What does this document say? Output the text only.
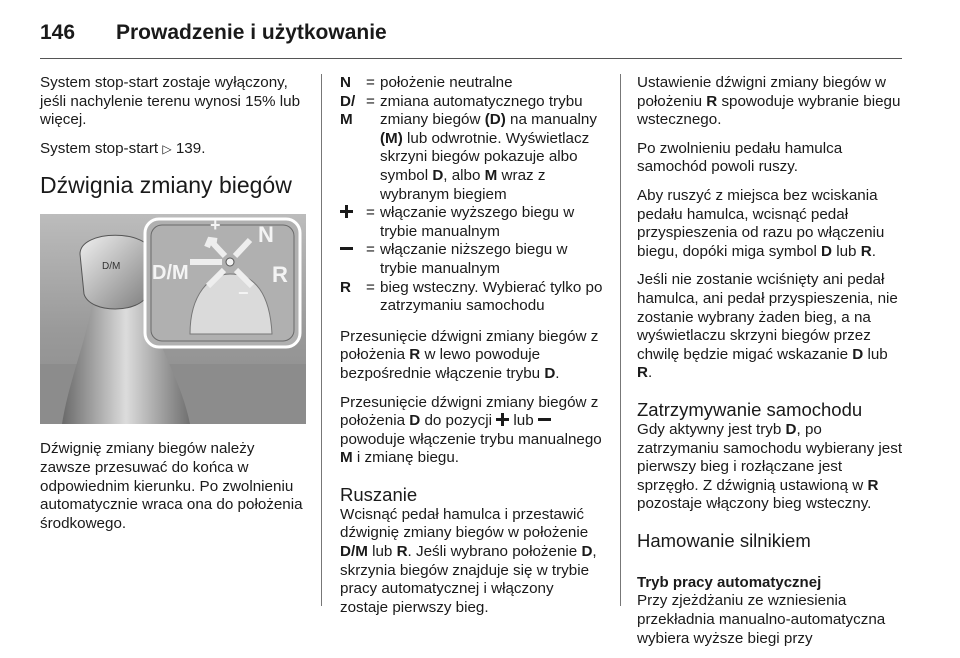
146	Prowadzenie i użytkowanie

System stop-start zostaje wyłączony, jeśli nachylenie terenu wynosi 15% lub więcej.

System stop-start ▷ 139.

Dźwignia zmiany biegów
D/M
+ N
D/M	R
−

Dźwignię zmiany biegów należy zawsze przesuwać do końca w odpowiednim kierunku. Po zwolnieniu automatycznie wraca ona do położenia środkowego.

N = położenie neutralne
D/
M
= zmiana automatycznego trybu zmiany biegów (D) na manualny (M) lub odwrotnie. Wyświetlacz skrzyni biegów pokazuje albo symbol D, albo M wraz z wybranym biegiem
= włączanie wyższego biegu w trybie manualnym
= włączanie niższego biegu w trybie manualnym
R = bieg wsteczny. Wybierać tylko po zatrzymaniu samochodu

Przesunięcie dźwigni zmiany biegów z położenia R w lewo powoduje bezpośrednie włączenie trybu D.

Przesunięcie dźwigni zmiany biegów z położenia D do pozycji  lub  powoduje włączenie trybu manualnego M i zmianę biegu.

Ruszanie

Wcisnąć pedał hamulca i przestawić dźwignię zmiany biegów w położenie D/M lub R. Jeśli wybrano położenie D, skrzynia biegów znajduje się w trybie pracy automatycznej i włączony zostaje pierwszy bieg.

Ustawienie dźwigni zmiany biegów w położeniu R spowoduje wybranie biegu wstecznego.

Po zwolnieniu pedału hamulca samochód powoli ruszy.

Aby ruszyć z miejsca bez wciskania pedału hamulca, wcisnąć pedał przyspieszenia od razu po włączeniu biegu, dopóki miga symbol D lub R.

Jeśli nie zostanie wciśnięty ani pedał hamulca, ani pedał przyspieszenia, nie zostanie wybrany żaden bieg, a na wyświetlaczu skrzyni biegów przez chwilę będzie migać wskazanie D lub R.

Zatrzymywanie samochodu

Gdy aktywny jest tryb D, po zatrzymaniu samochodu wybierany jest pierwszy bieg i rozłączane jest sprzęgło. Z dźwignią ustawioną w R pozostaje włączony bieg wsteczny.

Hamowanie silnikiem
Tryb pracy automatycznej

Przy zjeżdżaniu ze wzniesienia przekładnia manualno-automatyczna wybiera wyższe biegi przy
